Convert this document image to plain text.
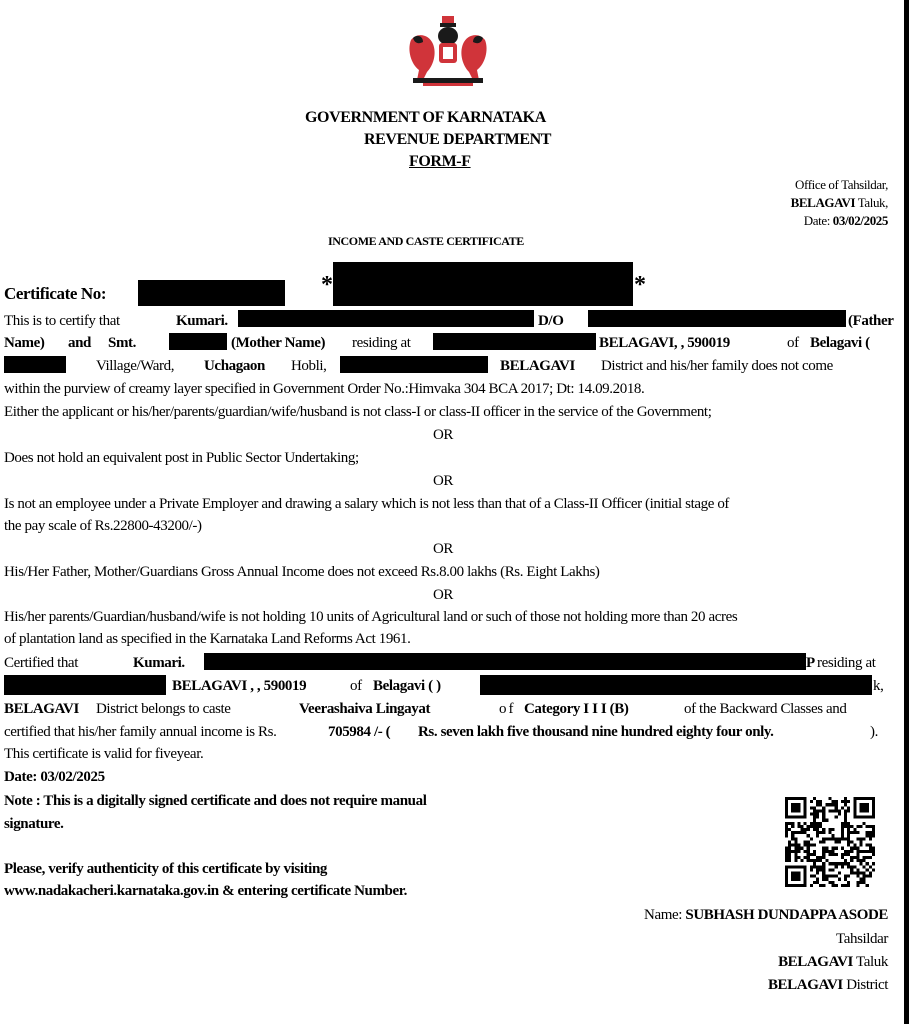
GOVERNMENT OF KARNATAKA
REVENUE DEPARTMENT
FORM-F
Office of Tahsildar,
BELAGAVI Taluk,
Date: 03/02/2025
INCOME AND CASTE CERTIFICATE
Certificate No:	*	*
This is to certify that	Kumari.	D/O	(Father
Name) and Smt.	(Mother Name) residing at	BELAGAVI, , 590019	of Belagavi (
Village/Ward, Uchagaon Hobli,	BELAGAVI District and his/her family does not come
within the purview of creamy layer specified in Government Order No.:Himvaka 304 BCA 2017; Dt: 14.09.2018.
Either the applicant or his/her/parents/guardian/wife/husband is not class-I or class-II officer in the service of the Government;
OR
Does not hold an equivalent post in Public Sector Undertaking;
OR
Is not an employee under a Private Employer and drawing a salary which is not less than that of a Class-II Officer (initial stage of
the pay scale of Rs.22800-43200/-)
OR
His/Her Father, Mother/Guardians Gross Annual Income does not exceed Rs.8.00 lakhs (Rs. Eight Lakhs)
OR
His/her parents/Guardian/husband/wife is not holding 10 units of Agricultural land or such of those not holding more than 20 acres
of plantation land as specified in the Karnataka Land Reforms Act 1961.
Certified that	Kumari.	P residing at
BELAGAVI , , 590019	of Belagavi ( )	k,
BELAGAVI District belongs to caste	Veerashaiva Lingayat	of Category I I I (B)	of the Backward Classes and
certified that his/her family annual income is Rs.	705984 /- ( Rs. seven lakh five thousand nine hundred eighty four only.	).
This certificate is valid for fiveyear.
Date: 03/02/2025
Note : This is a digitally signed certificate and does not require manual
signature.
Please, verify authenticity of this certificate by visiting
www.nadakacheri.karnataka.gov.in & entering certificate Number.
Name: SUBHASH DUNDAPPA ASODE
Tahsildar
BELAGAVI Taluk
BELAGAVI District
